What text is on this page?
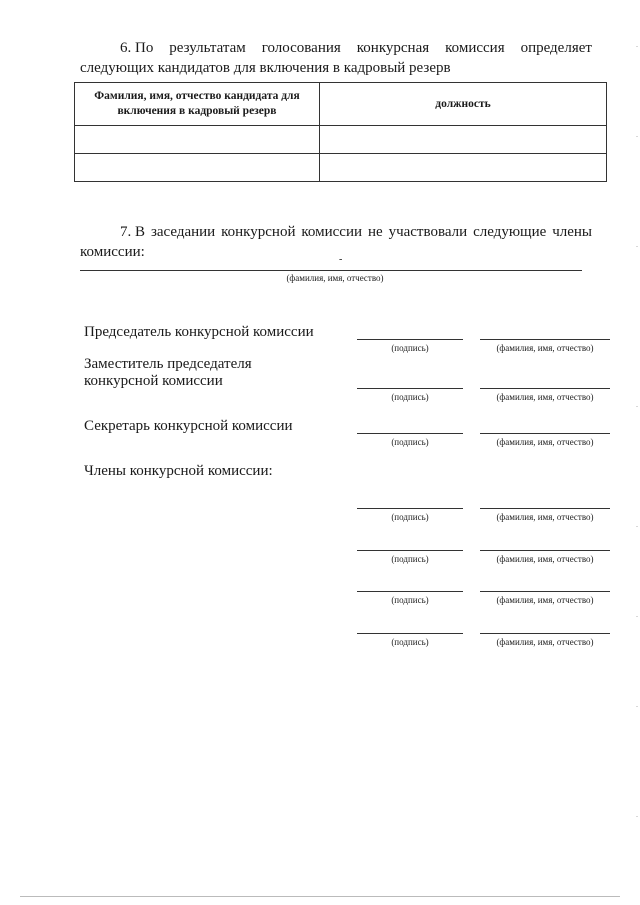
6. По результатам голосования конкурсная комиссия определяет
следующих кандидатов для включения в кадровый резерв
Фамилия, имя, отчество кандидата для включения в кадровый резерв	должность

7. В заседании конкурсной комиссии не участвовали следующие члены
комиссии:	-
(фамилия, имя, отчество)
Председатель конкурсной комиссии
(подпись)	(фамилия, имя, отчество)
Заместитель председателя
конкурсной комиссии
(подпись)	(фамилия, имя, отчество)
Секретарь конкурсной комиссии
(подпись)	(фамилия, имя, отчество)
Члены конкурсной комиссии:
(подпись)	(фамилия, имя, отчество)
(подпись)	(фамилия, имя, отчество)
(подпись)	(фамилия, имя, отчество)
(подпись)	(фамилия, имя, отчество)
.
.
.
.
.
.
.
.
